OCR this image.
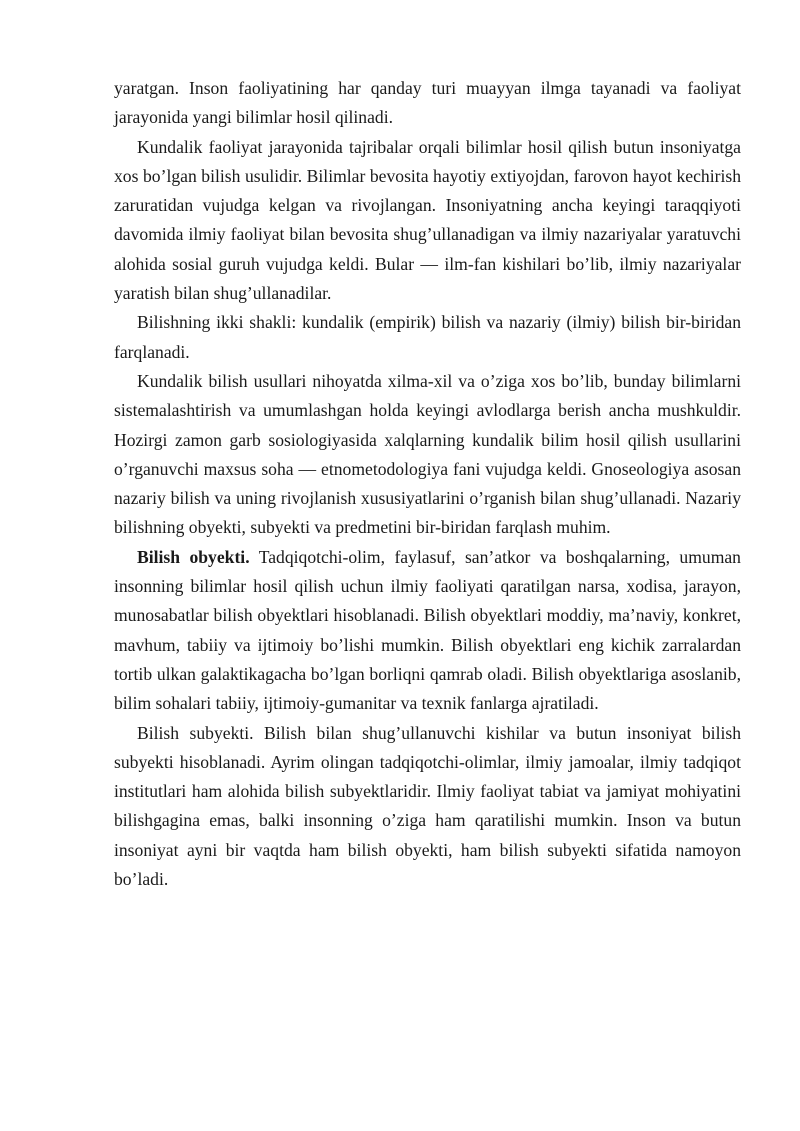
yaratgan. Inson faoliyatining har qanday turi muayyan ilmga tayanadi va faoliyat jarayonida yangi bilimlar hosil qilinadi.

Kundalik faoliyat jarayonida tajribalar orqali bilimlar hosil qilish butun insoniyatga xos bo’lgan bilish usulidir. Bilimlar bevosita hayotiy extiyojdan, farovon hayot kechirish zaruratidan vujudga kelgan va rivojlangan. Insoniyatning ancha keyingi taraqqiyoti davomida ilmiy faoliyat bilan bevosita shug’ullanadigan va ilmiy nazariyalar yaratuvchi alohida sosial guruh vujudga keldi. Bular — ilm-fan kishilari bo’lib, ilmiy nazariyalar yaratish bilan shug’ullanadilar.

Bilishning ikki shakli: kundalik (empirik) bilish va nazariy (ilmiy) bilish bir-biridan farqlanadi.

Kundalik bilish usullari nihoyatda xilma-xil va o’ziga xos bo’lib, bunday bilimlarni sistemalashtirish va umumlashgan holda keyingi avlodlarga berish ancha mushkuldir. Hozirgi zamon garb sosiologiyasida xalqlarning kundalik bilim hosil qilish usullarini o’rganuvchi maxsus soha — etnometodologiya fani vujudga keldi. Gnoseologiya asosan nazariy bilish va uning rivojlanish xususiyatlarini o’rganish bilan shug’ullanadi. Nazariy bilishning obyekti, subyekti va predmetini bir-biridan farqlash muhim.

Bilish obyekti. Tadqiqotchi-olim, faylasuf, san’atkor va boshqalarning, umuman insonning bilimlar hosil qilish uchun ilmiy faoliyati qaratilgan narsa, xodisa, jarayon, munosabatlar bilish obyektlari hisoblanadi. Bilish obyektlari moddiy, ma’naviy, konkret, mavhum, tabiiy va ijtimoiy bo’lishi mumkin. Bilish obyektlari eng kichik zarralardan tortib ulkan galaktikagacha bo’lgan borliqni qamrab oladi. Bilish obyektlariga asoslanib, bilim sohalari tabiiy, ijtimoiy-gumanitar va texnik fanlarga ajratiladi.

Bilish subyekti. Bilish bilan shug’ullanuvchi kishilar va butun insoniyat bilish subyekti hisoblanadi. Ayrim olingan tadqiqotchi-olimlar, ilmiy jamoalar, ilmiy tadqiqot institutlari ham alohida bilish subyektlaridir. Ilmiy faoliyat tabiat va jamiyat mohiyatini bilishgagina emas, balki insonning o’ziga ham qaratilishi mumkin. Inson va butun insoniyat ayni bir vaqtda ham bilish obyekti, ham bilish subyekti sifatida namoyon bo’ladi.
